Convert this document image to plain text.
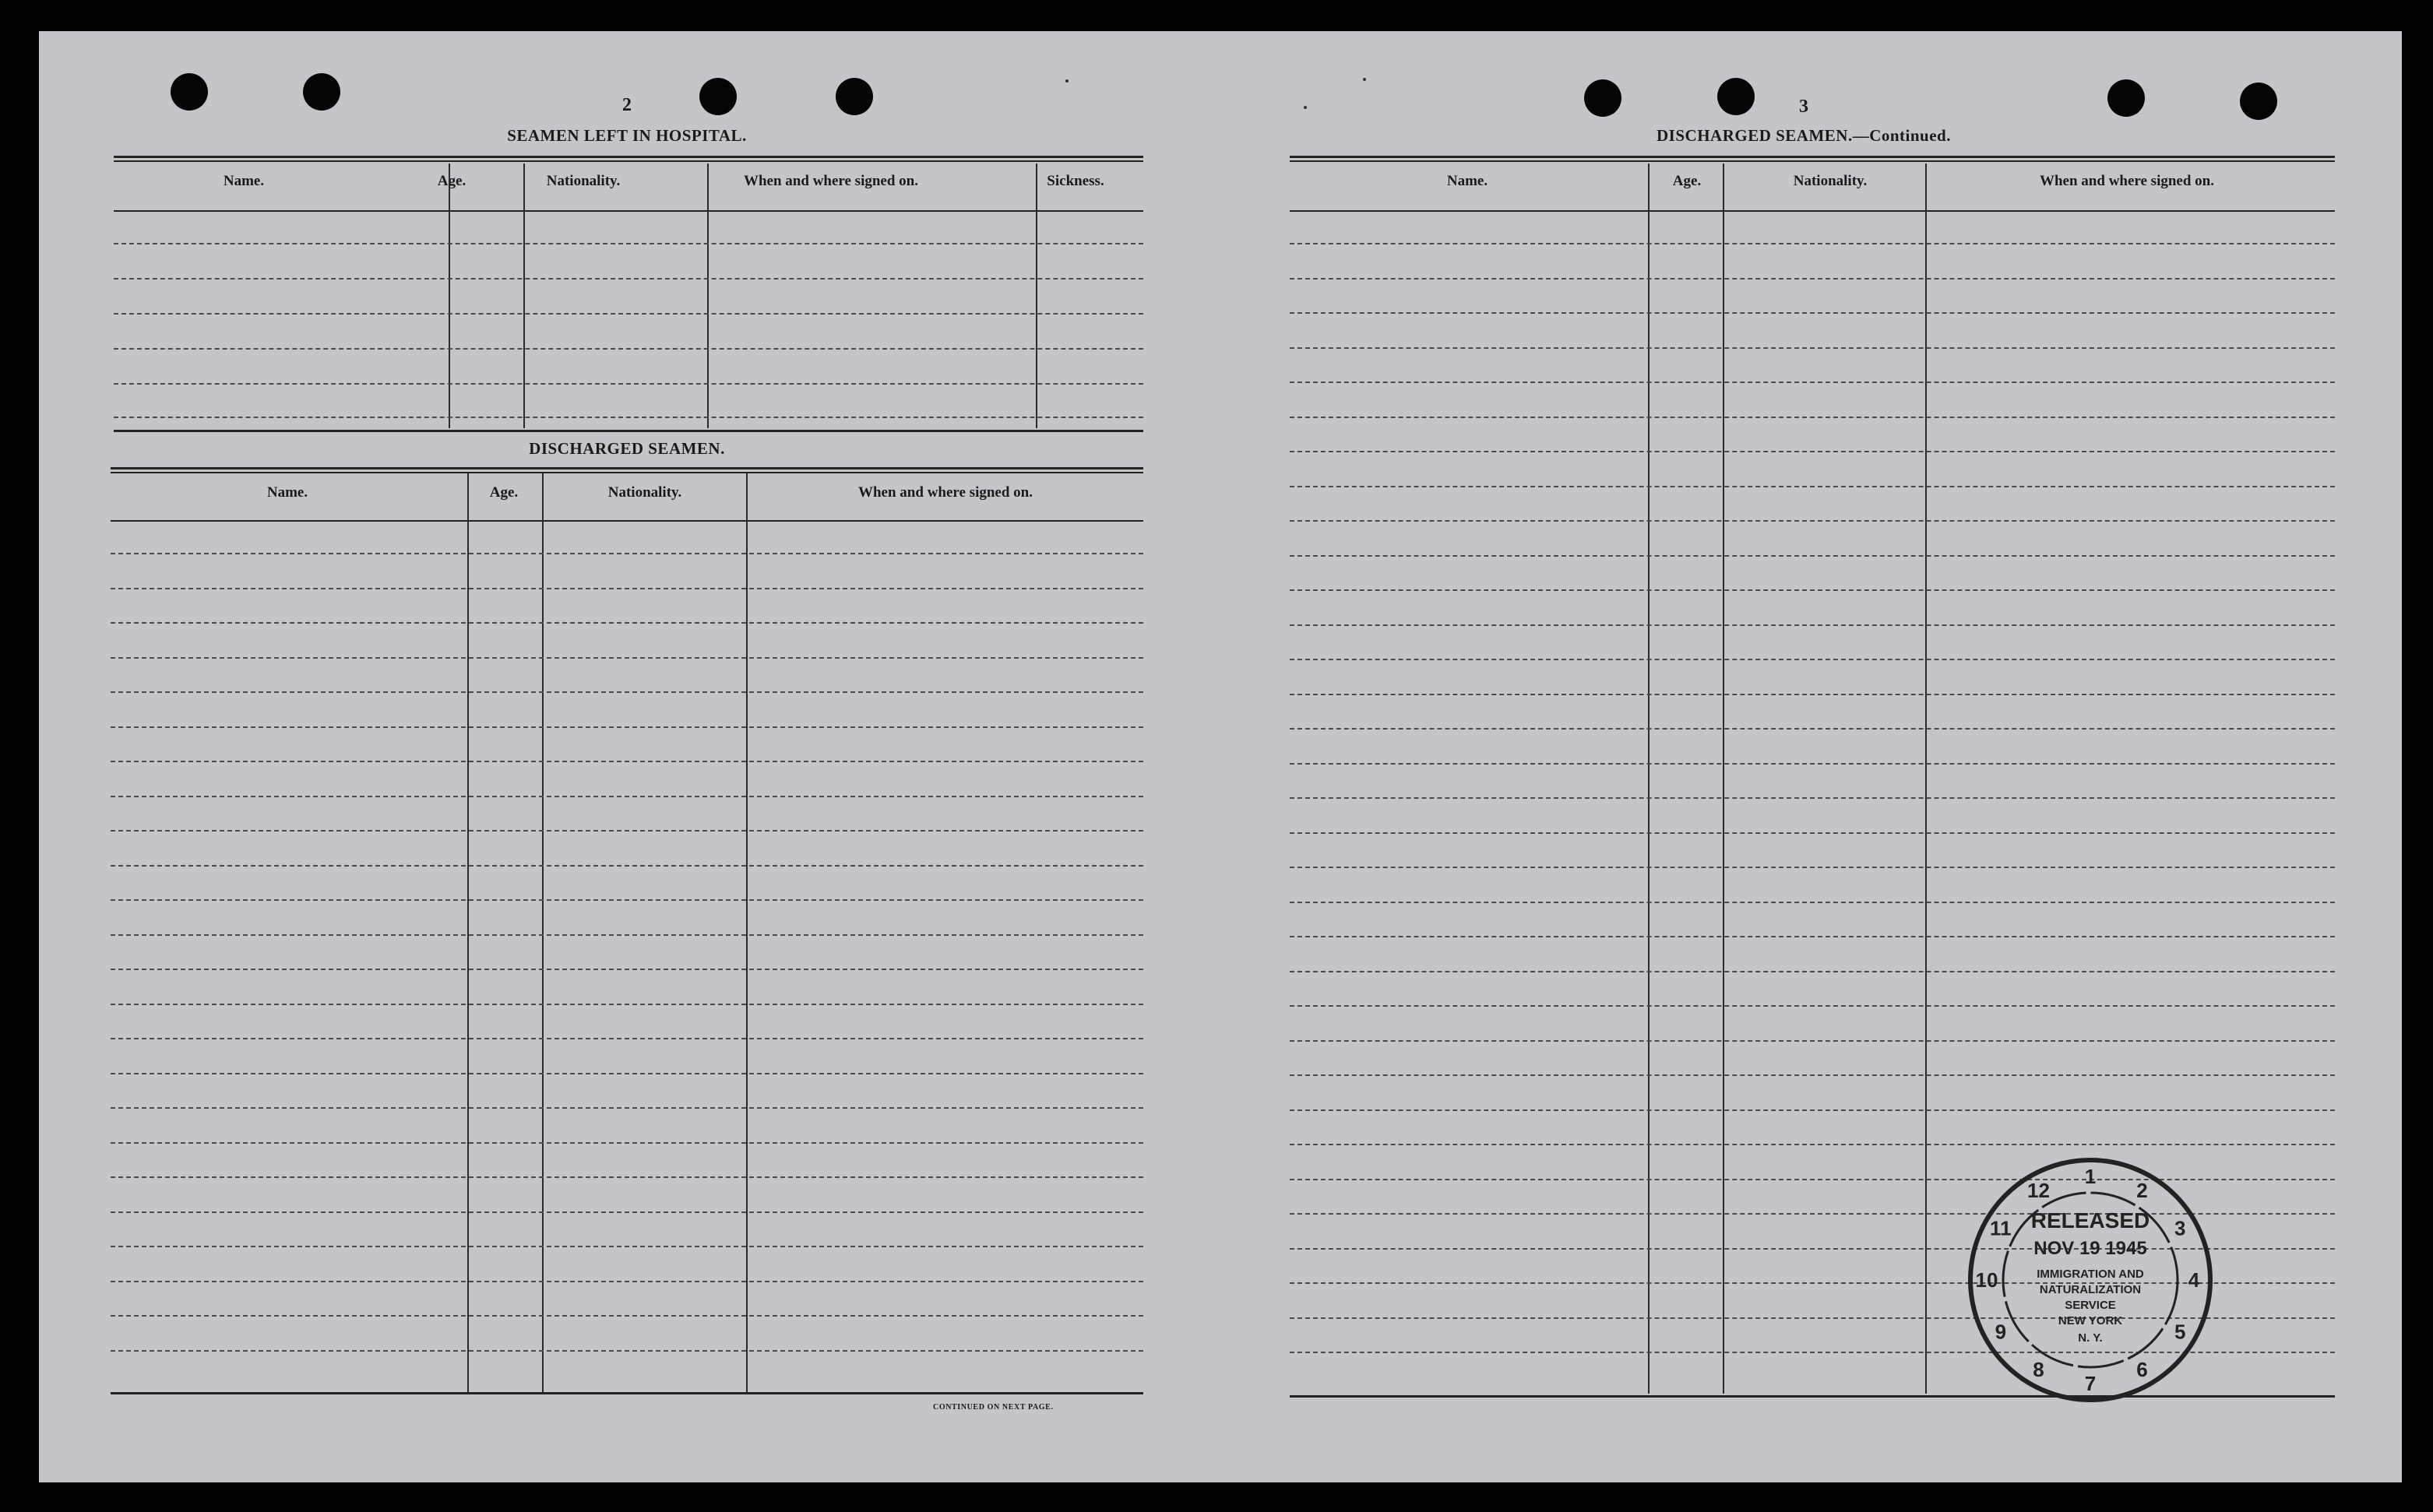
2
SEAMEN LEFT IN HOSPITAL.
Name.	Age.	Nationality.	When and where signed on.	Sickness.
DISCHARGED SEAMEN.
Name.	Age.	Nationality.	When and where signed on.
CONTINUED ON NEXT PAGE.
3
DISCHARGED SEAMEN.—Continued.
Name.	Age.	Nationality.	When and where signed on.
1
2
3
4
5
6
7
8
9
10
11
12
RELEASED
NOV 19 1945
IMMIGRATION AND
NATURALIZATION
SERVICE
NEW YORK
N. Y.
